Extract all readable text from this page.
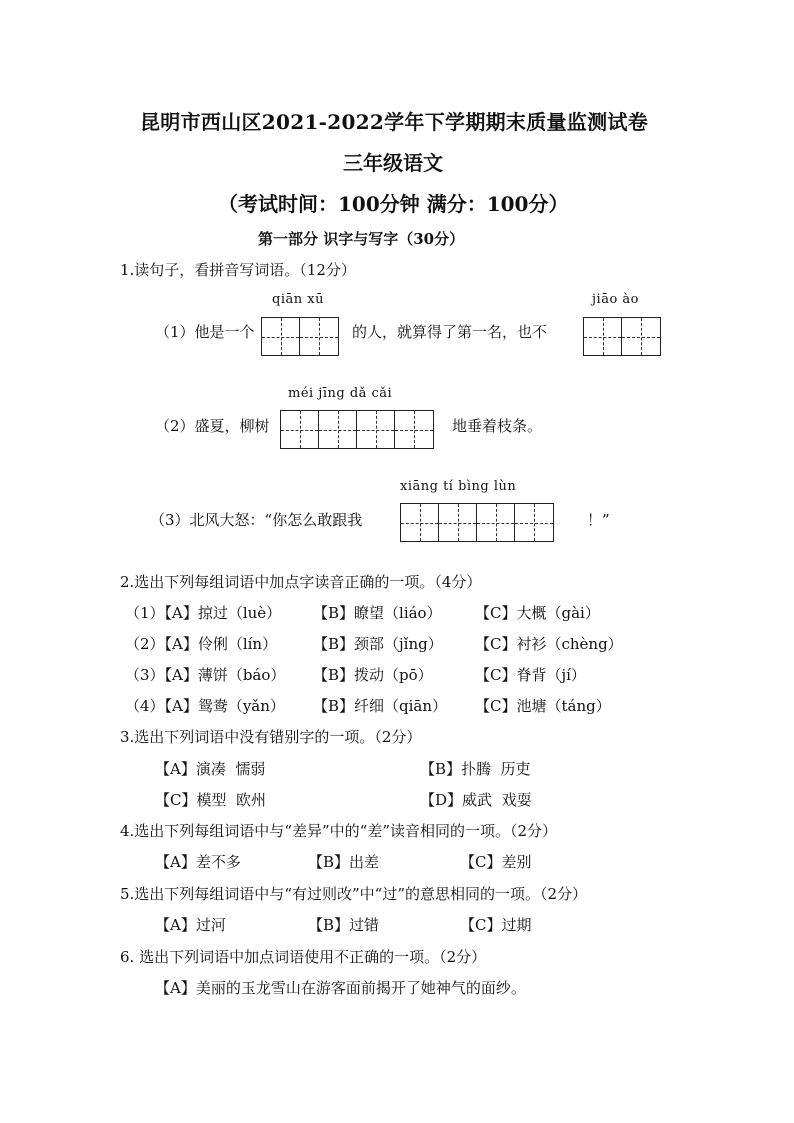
昆明市西山区2021-2022学年下学期期末质量监测试卷
三年级语文
（考试时间：100分钟 满分：100分）
第一部分 识字与写字（30分）
1.读句子，看拼音写词语。（12分）
qiān xū	jiāo ào
（1）他是一个	的人，就算得了第一名，也不
méi jīng dǎ cǎi
（2）盛夏，柳树	地垂着枝条。
xiāng tí bìng lùn
（3）北风大怒：“你怎么敢跟我	！”
2.选出下列每组词语中加点字读音正确的一项。（4分）
（1）
【A】掠过（luè） 【B】瞭望（liáo） 【C】大概（gài）
（2）
【A】伶俐（lín） 【B】颈部（jǐng） 【C】衬衫（chèng）
（3）
【A】薄饼（báo） 【B】拨动（pō）	【C】脊背（jí）
（4）
【A】鸳鸯（yǎn） 【B】纤细（qiān） 【C】池塘（táng）
3.选出下列词语中没有错别字的一项。（2分）
【A】演凑  懦弱	【B】扑腾  历吏
【C】模型  欧州	【D】威武  戏耍
4.选出下列每组词语中与“差异”中的“差”读音相同的一项。（2分）
【A】差不多	【B】出差	【C】差别
5.选出下列每组词语中与“有过则改”中“过”的意思相同的一项。（2分）
【A】过河	【B】过错	【C】过期
6. 选出下列词语中加点词语使用不正确的一项。（2分）
【A】美丽的玉龙雪山在游客面前揭开了她神气的面纱。
